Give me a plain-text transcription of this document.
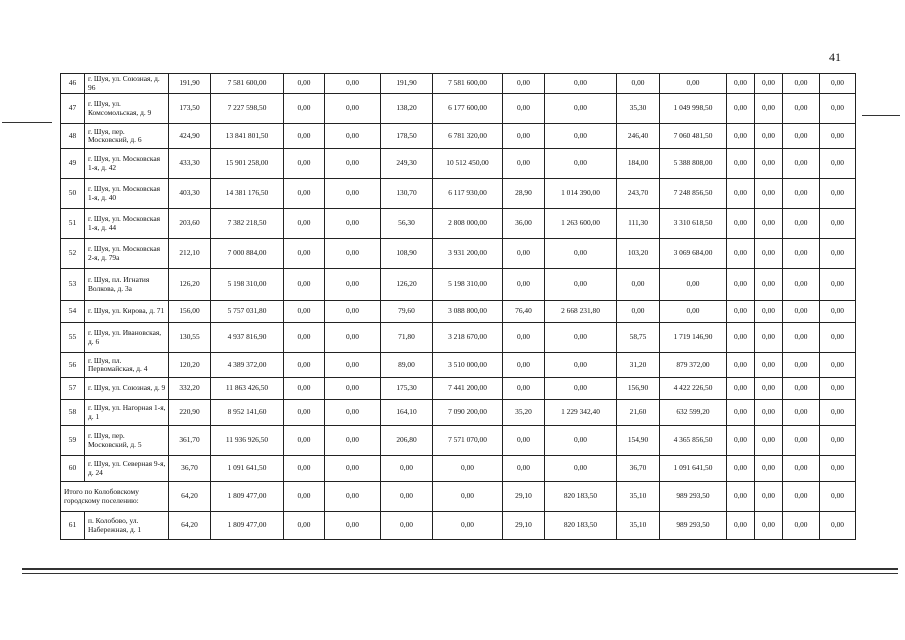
41
46	г. Шуя, ул. Союзная, д. 96	191,90	7 581 600,00	0,00	0,00	191,90	7 581 600,00	0,00	0,00	0,00	0,00	0,00	0,00	0,00	0,00
47	г. Шуя, ул. Комсомольская, д. 9	173,50	7 227 598,50	0,00	0,00	138,20	6 177 600,00	0,00	0,00	35,30	1 049 998,50	0,00	0,00	0,00	0,00
48	г. Шуя, пер. Московский, д. 6	424,90	13 841 801,50	0,00	0,00	178,50	6 781 320,00	0,00	0,00	246,40	7 060 481,50	0,00	0,00	0,00	0,00
49	г. Шуя, ул. Московская 1-я, д. 42	433,30	15 901 258,00	0,00	0,00	249,30	10 512 450,00	0,00	0,00	184,00	5 388 808,00	0,00	0,00	0,00	0,00
50	г. Шуя, ул. Московская 1-я, д. 40	403,30	14 381 176,50	0,00	0,00	130,70	6 117 930,00	28,90	1 014 390,00	243,70	7 248 856,50	0,00	0,00	0,00	0,00
51	г. Шуя, ул. Московская 1-я, д. 44	203,60	7 382 218,50	0,00	0,00	56,30	2 808 000,00	36,00	1 263 600,00	111,30	3 310 618,50	0,00	0,00	0,00	0,00
52	г. Шуя, ул. Московская 2-я, д. 79а	212,10	7 000 884,00	0,00	0,00	108,90	3 931 200,00	0,00	0,00	103,20	3 069 684,00	0,00	0,00	0,00	0,00
53	г. Шуя, пл. Игнатия Волкова, д. 3а	126,20	5 198 310,00	0,00	0,00	126,20	5 198 310,00	0,00	0,00	0,00	0,00	0,00	0,00	0,00	0,00
54	г. Шуя, ул. Кирова, д. 71	156,00	5 757 031,80	0,00	0,00	79,60	3 088 800,00	76,40	2 668 231,80	0,00	0,00	0,00	0,00	0,00	0,00
55	г. Шуя, ул. Ивановская, д. 6	130,55	4 937 816,90	0,00	0,00	71,80	3 218 670,00	0,00	0,00	58,75	1 719 146,90	0,00	0,00	0,00	0,00
56	г. Шуя, пл. Первомайская, д. 4	120,20	4 389 372,00	0,00	0,00	89,00	3 510 000,00	0,00	0,00	31,20	879 372,00	0,00	0,00	0,00	0,00
57	г. Шуя, ул. Союзная, д. 9	332,20	11 863 426,50	0,00	0,00	175,30	7 441 200,00	0,00	0,00	156,90	4 422 226,50	0,00	0,00	0,00	0,00
58	г. Шуя, ул. Нагорная 1-я, д. 1	220,90	8 952 141,60	0,00	0,00	164,10	7 090 200,00	35,20	1 229 342,40	21,60	632 599,20	0,00	0,00	0,00	0,00
59	г. Шуя, пер. Московский, д. 5	361,70	11 936 926,50	0,00	0,00	206,80	7 571 070,00	0,00	0,00	154,90	4 365 856,50	0,00	0,00	0,00	0,00
60	г. Шуя, ул. Северная 9-я, д. 24	36,70	1 091 641,50	0,00	0,00	0,00	0,00	0,00	0,00	36,70	1 091 641,50	0,00	0,00	0,00	0,00
Итого по Колобовскому городскому поселению:		64,20	1 809 477,00	0,00	0,00	0,00	0,00	29,10	820 183,50	35,10	989 293,50	0,00	0,00	0,00	0,00
61	п. Колобово, ул. Набережная, д. 1	64,20	1 809 477,00	0,00	0,00	0,00	0,00	29,10	820 183,50	35,10	989 293,50	0,00	0,00	0,00	0,00
